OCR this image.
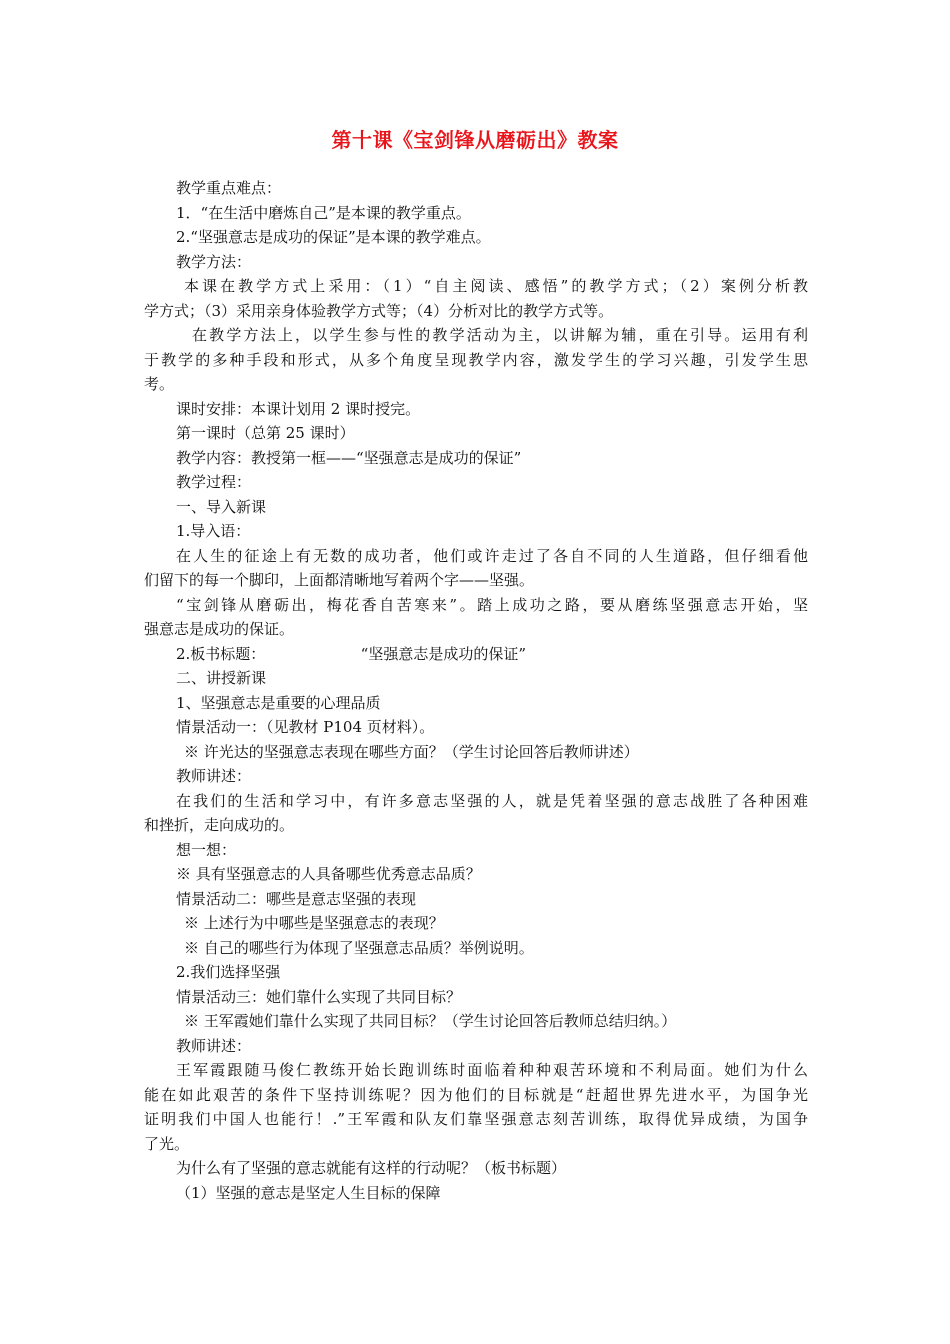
第十课《宝剑锋从磨砺出》教案
教学重点难点：
1．“在生活中磨炼自己”是本课的教学重点。
2.“坚强意志是成功的保证”是本课的教学难点。
教学方法：
本课在教学方式上采用：（1）“自主阅读、感悟”的教学方式；（2）案例分析教
学方式；（3）采用亲身体验教学方式等；（4）分析对比的教学方式等。
在教学方法上，以学生参与性的教学活动为主，以讲解为辅，重在引导。运用有利
于教学的多种手段和形式，从多个角度呈现教学内容，激发学生的学习兴趣，引发学生思
考。
课时安排：本课计划用 2 课时授完。
第一课时（总第 25 课时）
教学内容：教授第一框——“坚强意志是成功的保证”
教学过程：
一、导入新课
1.导入语：
在人生的征途上有无数的成功者，他们或许走过了各自不同的人生道路，但仔细看他
们留下的每一个脚印，上面都清晰地写着两个字——坚强。
“宝剑锋从磨砺出，梅花香自苦寒来”。踏上成功之路，要从磨练坚强意志开始，坚
强意志是成功的保证。
2.板书标题：                    “坚强意志是成功的保证”
二、讲授新课
1、坚强意志是重要的心理品质
情景活动一：（见教材 P104 页材料）。
※ 许光达的坚强意志表现在哪些方面？（学生讨论回答后教师讲述）
教师讲述：
在我们的生活和学习中，有许多意志坚强的人，就是凭着坚强的意志战胜了各种困难
和挫折，走向成功的。
想一想：
※ 具有坚强意志的人具备哪些优秀意志品质？
情景活动二：哪些是意志坚强的表现
※ 上述行为中哪些是坚强意志的表现？
※ 自己的哪些行为体现了坚强意志品质？举例说明。
2.我们选择坚强
情景活动三：她们靠什么实现了共同目标？
※ 王军霞她们靠什么实现了共同目标？（学生讨论回答后教师总结归纳。）
教师讲述：
王军霞跟随马俊仁教练开始长跑训练时面临着种种艰苦环境和不利局面。她们为什么
能在如此艰苦的条件下坚持训练呢？因为他们的目标就是“赶超世界先进水平，为国争光
证明我们中国人也能行！.”王军霞和队友们靠坚强意志刻苦训练，取得优异成绩，为国争
了光。
为什么有了坚强的意志就能有这样的行动呢？（板书标题）
（1）坚强的意志是坚定人生目标的保障
